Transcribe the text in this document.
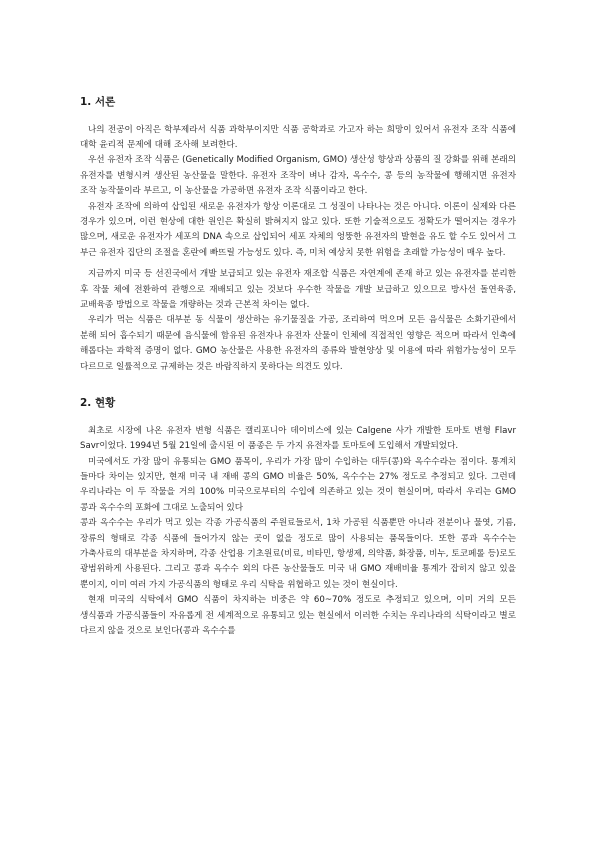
1. 서론

나의 전공이 아직은 학부제라서 식품 과학부이지만 식품 공학과로 가고자 하는 희망이 있어서 유전자 조작 식품에 대학 윤리적 문제에 대해 조사해 보려한다.

우선 유전자 조작 식품은 (Genetically Modified Organism, GMO) 생산성 향상과 상품의 질 강화를 위해 본래의 유전자를 변형시켜 생산된 농산물을 말한다. 유전자 조작이 벼나 감자, 옥수수, 콩 등의 농작물에 행해지면 유전자 조작 농작물이라 부르고, 이 농산물을 가공하면 유전자 조작 식품이라고 한다.

유전자 조작에 의하여 삽입된 새로운 유전자가 항상 이론대로 그 성질이 나타나는 것은 아니다. 이론이 실제와 다른 경우가 있으며, 이런 현상에 대한 원인은 확실히 밝혀지지 않고 있다. 또한 기술적으로도 정확도가 떨어지는 경우가 많으며, 새로운 유전자가 세포의 DNA 속으로 삽입되어 세포 자체의 엉뚱한 유전자의 발현을 유도 할 수도 있어서 그 부근 유전자 집단의 조절을 혼란에 빠뜨릴 가능성도 있다. 즉, 미처 예상치 못한 위험을 초래할 가능성이 매우 높다.

지금까지 미국 등 선진국에서 개발 보급되고 있는 유전자 재조합 식품은 자연계에 존재 하고 있는 유전자를 분리한 후 작물 체에 전환하여 관행으로 재배되고 있는 것보다 우수한 작물을 개발 보급하고 있으므로 방사선 돌연육종, 교배육종 방법으로 작물을 개량하는 것과 근본적 차이는 없다.

우리가 먹는 식품은 대부분 동 식물이 생산하는 유기물질을 가공, 조리하여 먹으며 모든 음식물은 소화기관에서 분해 되어 흡수되기 때문에 음식물에 함유된 유전자나 유전자 산물이 인체에 직접적인 영향은 적으며 따라서 인축에 해롭다는 과학적 증명이 없다. GMO 농산물은 사용한 유전자의 종류와 발현양상 및 이용에 따라 위험가능성이 모두 다르므로 일률적으로 규제하는 것은 바람직하지 못하다는 의견도 있다.

2. 현황

최초로 시장에 나온 유전자 변형 식품은 캘리포니아 데이비스에 있는 Calgene 사가 개발한 토마토 변형 Flavr Savr이었다. 1994년 5월 21일에 출시된 이 품종은 두 가지 유전자를 토마토에 도입해서 개발되었다.

미국에서도 가장 많이 유통되는 GMO 품목이, 우리가 가장 많이 수입하는 대두(콩)와 옥수수라는 점이다. 통계치 들마다 차이는 있지만, 현재 미국 내 재배 콩의 GMO 비율은 50%, 옥수수는 27% 정도로 추정되고 있다. 그런데 우리나라는 이 두 작물을 거의 100% 미국으로부터의 수입에 의존하고 있는 것이 현실이며, 따라서 우리는 GMO 콩과 옥수수의 포화에 그대로 노출되어 있다

콩과 옥수수는 우리가 먹고 있는 각종 가공식품의 주원료들로서, 1차 가공된 식품뿐만 아니라 전분이나 물엿, 기름, 장류의 형태로 각종 식품에 들어가지 않는 곳이 없을 정도로 많이 사용되는 품목들이다. 또한 콩과 옥수수는 가축사료의 대부분을 차지하며, 각종 산업용 기초원료(비료, 비타민, 항생제, 의약품, 화장품, 비누, 토코페롤 등)로도 광범위하게 사용된다. 그리고 콩과 옥수수 외의 다른 농산물들도 미국 내 GMO 재배비율 통계가 잡히지 않고 있을 뿐이지, 이미 여러 가지 가공식품의 형태로 우리 식탁을 위협하고 있는 것이 현실이다.

현재 미국의 식탁에서 GMO 식품이 차지하는 비중은 약 60~70% 정도로 추정되고 있으며, 이미 거의 모든 생식품과 가공식품들이 자유롭게 전 세계적으로 유통되고 있는 현실에서 이러한 수치는 우리나라의 식탁이라고 별로 다르지 않을 것으로 보인다(콩과 옥수수를
